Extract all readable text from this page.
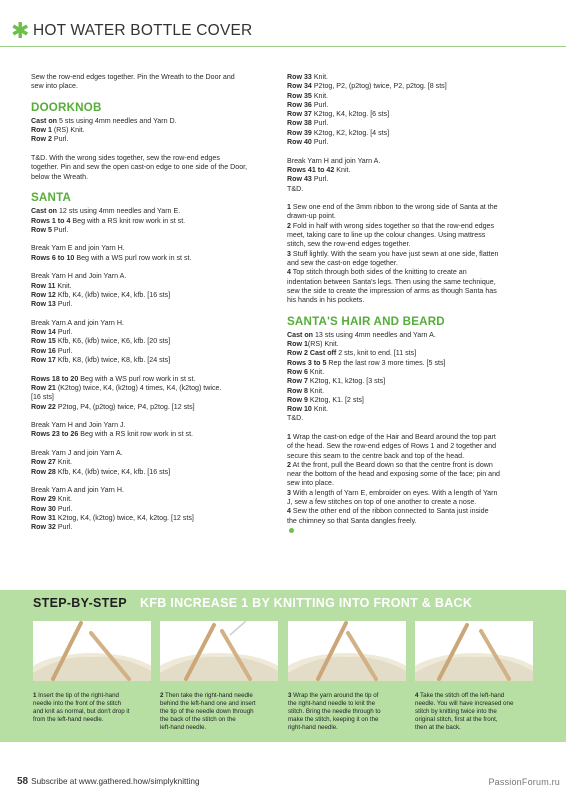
✱ HOT WATER BOTTLE COVER

Sew the row-end edges together. Pin the Wreath to the Door and
sew into place.

DOORKNOB

Cast on 5 sts using 4mm needles and Yarn D.
Row 1 (RS) Knit.
Row 2 Purl.

T&D. With the wrong sides together, sew the row-end edges
together. Pin and sew the open cast-on edge to one side of the Door,
below the Wreath.

SANTA

Cast on 12 sts using 4mm needles and Yarn E.
Rows 1 to 4 Beg with a RS knit row work in st st.
Row 5 Purl.

Break Yarn E and join Yarn H.
Rows 6 to 10 Beg with a WS purl row work in st st.

Break Yarn H and Join Yarn A.
Row 11 Knit.
Row 12 Kfb, K4, (kfb) twice, K4, kfb. [16 sts]
Row 13 Purl.

Break Yarn A and join Yarn H.
Row 14 Purl.
Row 15 Kfb, K6, (kfb) twice, K6, kfb. [20 sts]
Row 16 Purl.
Row 17 Kfb, K8, (kfb) twice, K8, kfb. [24 sts]

Rows 18 to 20 Beg with a WS purl row work in st st.
Row 21 (K2tog) twice, K4, (k2tog) 4 times, K4, (k2tog) twice.
[16 sts]
Row 22 P2tog, P4, (p2tog) twice, P4, p2tog. [12 sts]

Break Yarn H and Join Yarn J.
Rows 23 to 26 Beg with a RS knit row work in st st.

Break Yarn J and join Yarn A.
Row 27 Knit.
Row 28 Kfb, K4, (kfb) twice, K4, kfb. [16 sts]

Break Yarn A and join Yarn H.
Row 29 Knit.
Row 30 Purl.
Row 31 K2tog, K4, (k2tog) twice, K4, k2tog. [12 sts]
Row 32 Purl.

Row 33 Knit.
Row 34 P2tog, P2, (p2tog) twice, P2, p2tog. [8 sts]
Row 35 Knit.
Row 36 Purl.
Row 37 K2tog, K4, k2tog. [6 sts]
Row 38 Purl.
Row 39 K2tog, K2, k2tog. [4 sts]
Row 40 Purl.

Break Yarn H and join Yarn A.
Rows 41 to 42 Knit.
Row 43 Purl.
T&D.

1 Sew one end of the 3mm ribbon to the wrong side of Santa at the
drawn-up point.
2 Fold in half with wrong sides together so that the row-end edges
meet, taking care to line up the colour changes. Using mattress
stitch, sew the row-end edges together.
3 Stuff lightly. With the seam you have just sewn at one side, flatten
and sew the cast-on edge together.
4 Top stitch through both sides of the knitting to create an
indentation between Santa's legs. Then using the same technique,
sew the side to create the impression of arms as though Santa has
his hands in his pockets.

SANTA'S HAIR AND BEARD

Cast on 13 sts using 4mm needles and Yarn A.
Row 1(RS) Knit.
Row 2 Cast off 2 sts, knit to end. [11 sts]
Rows 3 to 5 Rep the last row 3 more times. [5 sts]
Row 6 Knit.
Row 7 K2tog, K1, k2tog. [3 sts]
Row 8 Knit.
Row 9 K2tog, K1. [2 sts]
Row 10 Knit.
T&D.

1 Wrap the cast-on edge of the Hair and Beard around the top part
of the head. Sew the row-end edges of Rows 1 and 2 together and
secure this seam to the centre back and top of the head.
2 At the front, pull the Beard down so that the centre front is down
near the bottom of the head and exposing some of the face; pin and
sew into place.
3 With a length of Yarn E, embroider on eyes. With a length of Yarn
J, sew a few stitches on top of one another to create a nose.
4 Sew the other end of the ribbon connected to Santa just inside
the chimney so that Santa dangles freely.

STEP-BY-STEP KFB INCREASE 1 BY KNITTING INTO FRONT & BACK
1 Insert the tip of the right-hand
needle into the front of the stitch
and knit as normal, but don't drop it
from the left-hand needle.
2 Then take the right-hand needle
behind the left-hand one and insert
the tip of the needle down through
the back of the stitch on the
left-hand needle.
3 Wrap the yarn around the tip of
the right-hand needle to knit the
stitch. Bring the needle through to
make the stitch, keeping it on the
right-hand needle.
4 Take the stitch off the left-hand
needle. You will have increased one
stitch by knitting twice into the
original stitch, first at the front,
then at the back.
58 Subscribe at www.gathered.how/simplyknitting	PassionForum.ru
